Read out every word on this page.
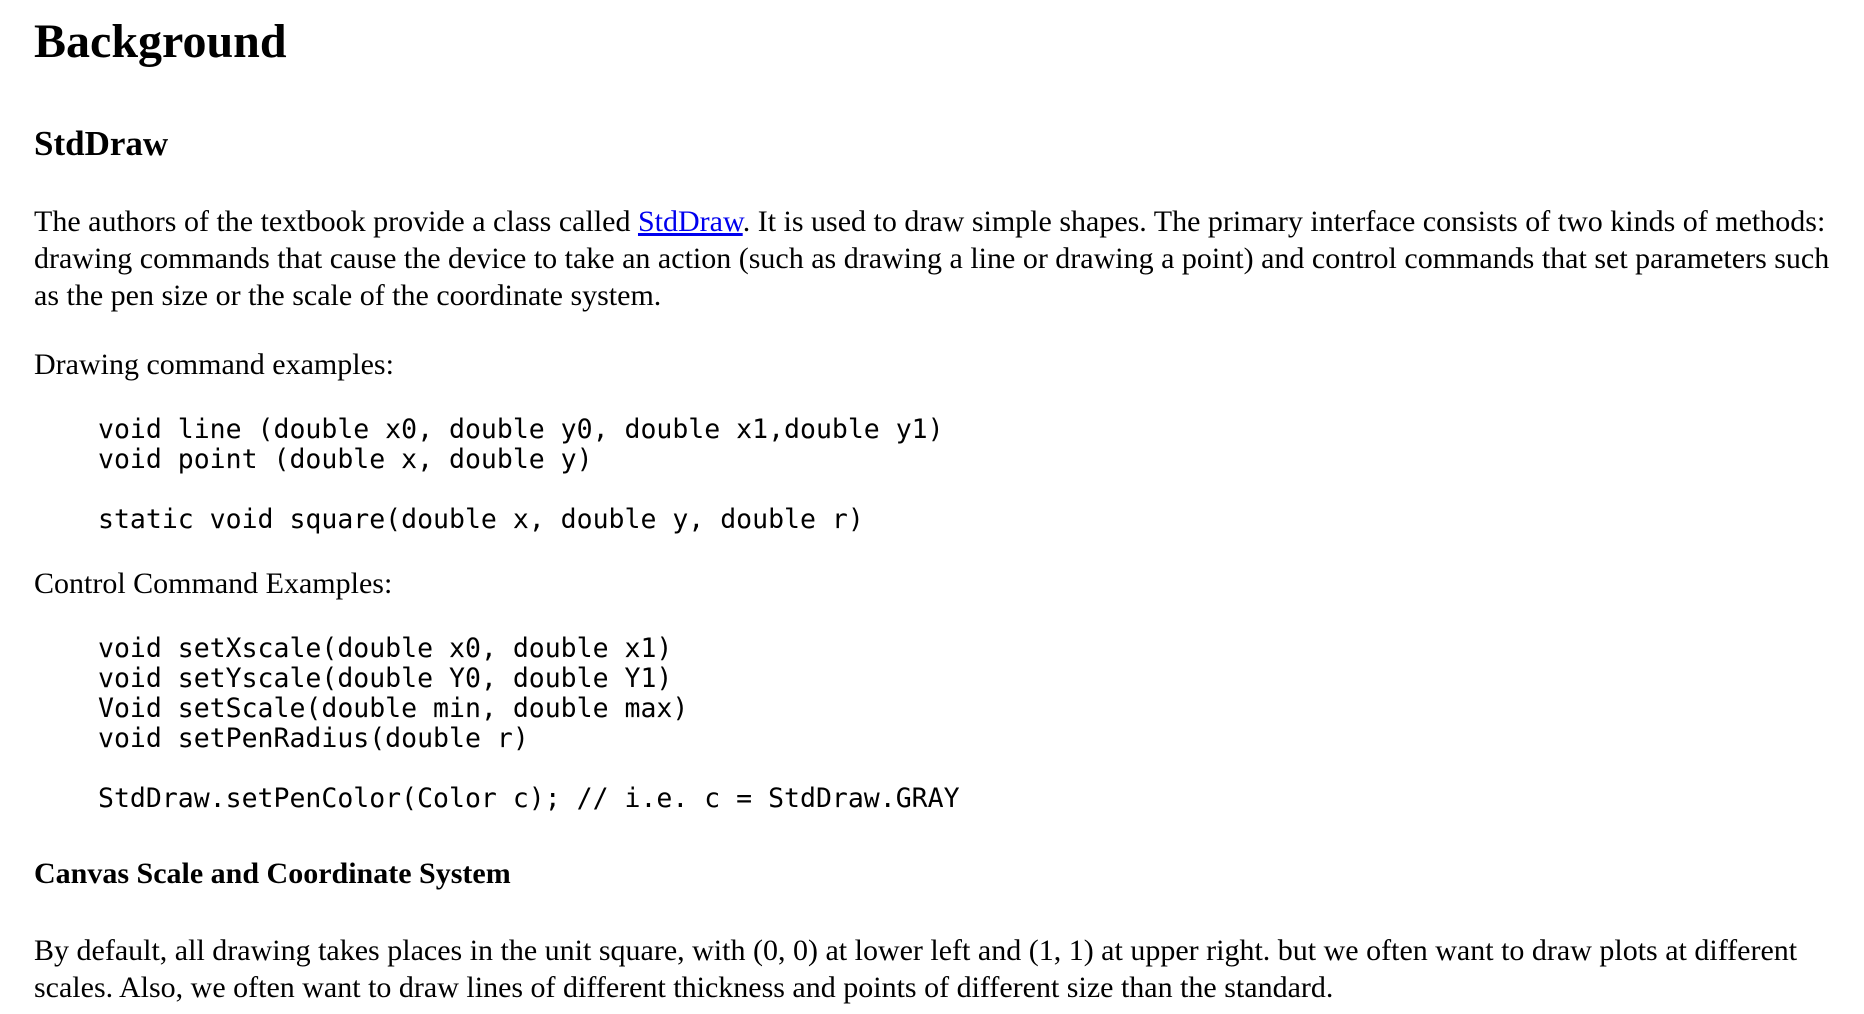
Background
StdDraw

The authors of the textbook provide a class called StdDraw. It is used to draw simple shapes. The primary interface consists of two kinds of methods: drawing commands that cause the device to take an action (such as drawing a line or drawing a point) and control commands that set parameters such as the pen size or the scale of the coordinate system.

Drawing command examples:

void line (double x0, double y0, double x1,double y1)
void point (double x, double y)
static void square(double x, double y, double r)

Control Command Examples:

void setXscale(double x0, double x1)
void setYscale(double Y0, double Y1)
Void setScale(double min, double max)
void setPenRadius(double r)
StdDraw.setPenColor(Color c); // i.e. c = StdDraw.GRAY
Canvas Scale and Coordinate System

By default, all drawing takes places in the unit square, with (0, 0) at lower left and (1, 1) at upper right. but we often want to draw plots at different scales. Also, we often want to draw lines of different thickness and points of different size than the standard.
